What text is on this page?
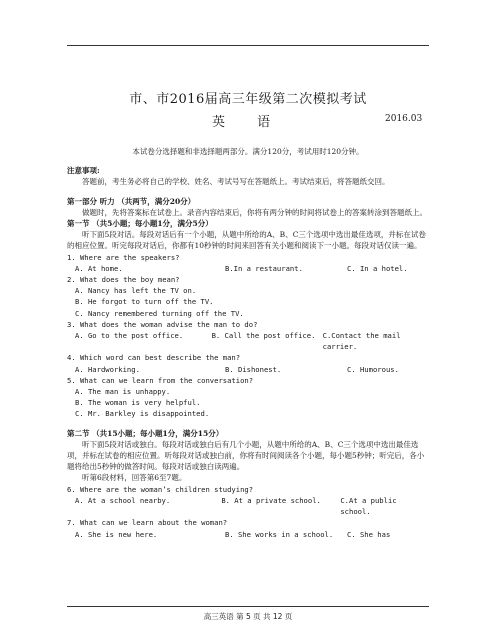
市、市2016届高三年级第二次模拟考试
英 语	2016.03

本试卷分选择题和非选择题两部分。满分120分，考试用时120分钟。

注意事项:

答题前，考生务必将自己的学校、姓名、考试号写在答题纸上。考试结束后，将答题纸交回。

第一部分 听力 （共两节，满分20分）

做题时，先将答案标在试卷上。录音内容结束后，你将有两分钟的时间将试卷上的答案转涂到答题纸上。

第一节 （共5小题；每小题1分，满分5分）

听下面5段对话。每段对话后有一个小题，从题中所给的A、B、C三个选项中选出最佳选项，并标在试卷的相应位置。听完每段对话后，你都有10秒钟的时间来回答有关小题和阅读下一小题。每段对话仅读一遍。

1. Where are the speakers?

A. At home.	B.In a restaurant.	C. In a hotel.

2. What does the boy mean?

A. Nancy has left the TV on.

B. He forgot to turn off the TV.

C. Nancy remembered turning off the TV.

3. What does the woman advise the man to do?

A. Go to the post office.	B. Call the post office.	C.Contact the mail carrier.

4. Which word can best describe the man?

A. Hardworking.	B. Dishonest.	C. Humorous.

5. What can we learn from the conversation?

A. The man is unhappy.

B. The woman is very helpful.

C. Mr. Barkley is disappointed.

第二节 （共15小题；每小题1分，满分15分）

听下面5段对话或独白。每段对话或独白后有几个小题，从题中所给的A、B、C三个选项中选出最佳选项，并标在试卷的相应位置。听每段对话或独白前，你将有时间阅读各个小题，每小题5秒钟；听完后，各小题将给出5秒钟的做答时间。每段对话或独白读两遍。

听第6段材料，回答第6至7题。

6. Where are the woman’s children studying?

A. At a school nearby.	B. At a private school.	C.At a public school.

7. What can we learn about the woman?

A. She is new here.	B. She works in a school.	C. She has
高三英语 第 5 页 共 12 页
